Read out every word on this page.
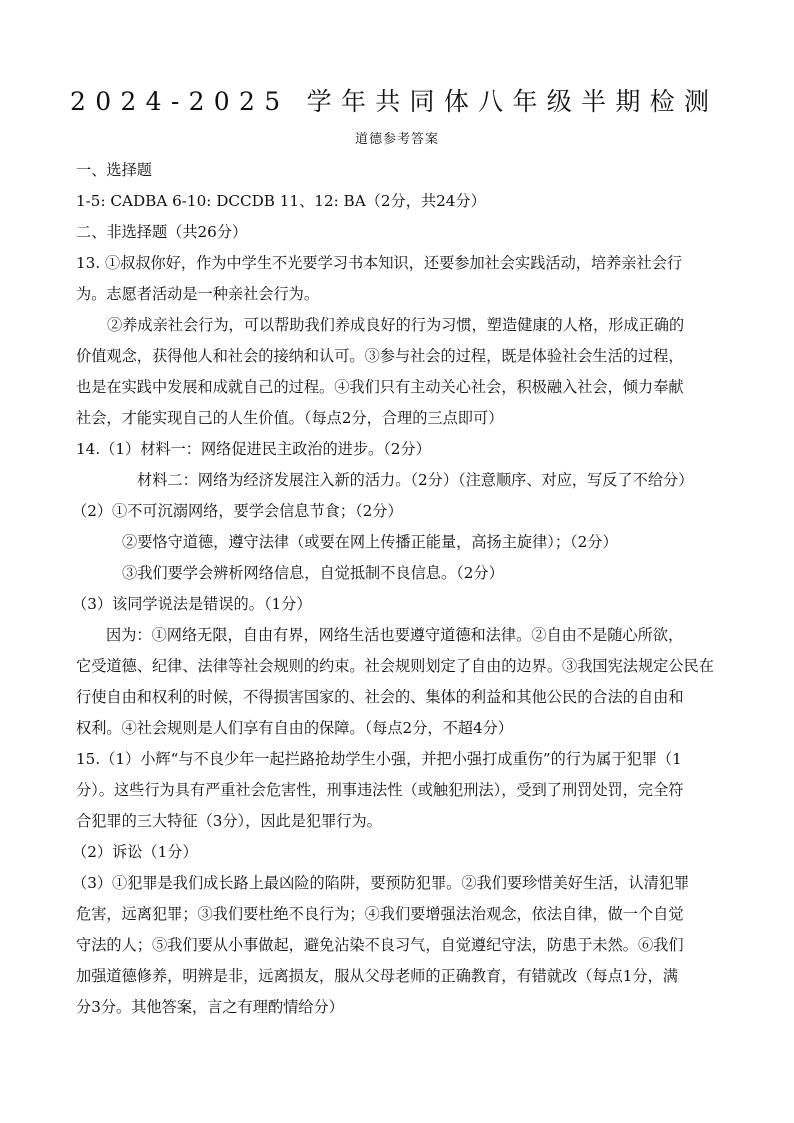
2024-2025 学年共同体八年级半期检测
道德参考答案

一、选择题

1-5: CADBA 6-10: DCCDB 11、12: BA（2分，共24分）

二、非选择题（共26分）

13. ①叔叔你好，作为中学生不光要学习书本知识，还要参加社会实践活动，培养亲社会行

为。志愿者活动是一种亲社会行为。

②养成亲社会行为，可以帮助我们养成良好的行为习惯，塑造健康的人格，形成正确的

价值观念，获得他人和社会的接纳和认可。③参与社会的过程，既是体验社会生活的过程，

也是在实践中发展和成就自己的过程。④我们只有主动关心社会，积极融入社会，倾力奉献

社会，才能实现自己的人生价值。（每点2分，合理的三点即可）

14.（1）材料一：网络促进民主政治的进步。（2分）

材料二：网络为经济发展注入新的活力。（2分）（注意顺序、对应，写反了不给分）

（2）①不可沉溺网络，要学会信息节食；（2分）

②要恪守道德，遵守法律（或要在网上传播正能量，高扬主旋律）；（2分）

③我们要学会辨析网络信息，自觉抵制不良信息。（2分）

（3）该同学说法是错误的。（1分）

因为：①网络无限，自由有界，网络生活也要遵守道德和法律。②自由不是随心所欲，

它受道德、纪律、法律等社会规则的约束。社会规则划定了自由的边界。③我国宪法规定公民在

行使自由和权利的时候，不得损害国家的、社会的、集体的利益和其他公民的合法的自由和

权利。④社会规则是人们享有自由的保障。（每点2分，不超4分）

15.（1）小辉“与不良少年一起拦路抢劫学生小强，并把小强打成重伤”的行为属于犯罪（1

分）。这些行为具有严重社会危害性，刑事违法性（或触犯刑法），受到了刑罚处罚，完全符

合犯罪的三大特征（3分），因此是犯罪行为。

（2）诉讼（1分）

（3）①犯罪是我们成长路上最凶险的陷阱，要预防犯罪。②我们要珍惜美好生活，认清犯罪

危害，远离犯罪；③我们要杜绝不良行为；④我们要增强法治观念，依法自律，做一个自觉

守法的人；⑤我们要从小事做起，避免沾染不良习气，自觉遵纪守法，防患于未然。⑥我们

加强道德修养，明辨是非，远离损友，服从父母老师的正确教育，有错就改（每点1分，满

分3分。其他答案，言之有理酌情给分）
